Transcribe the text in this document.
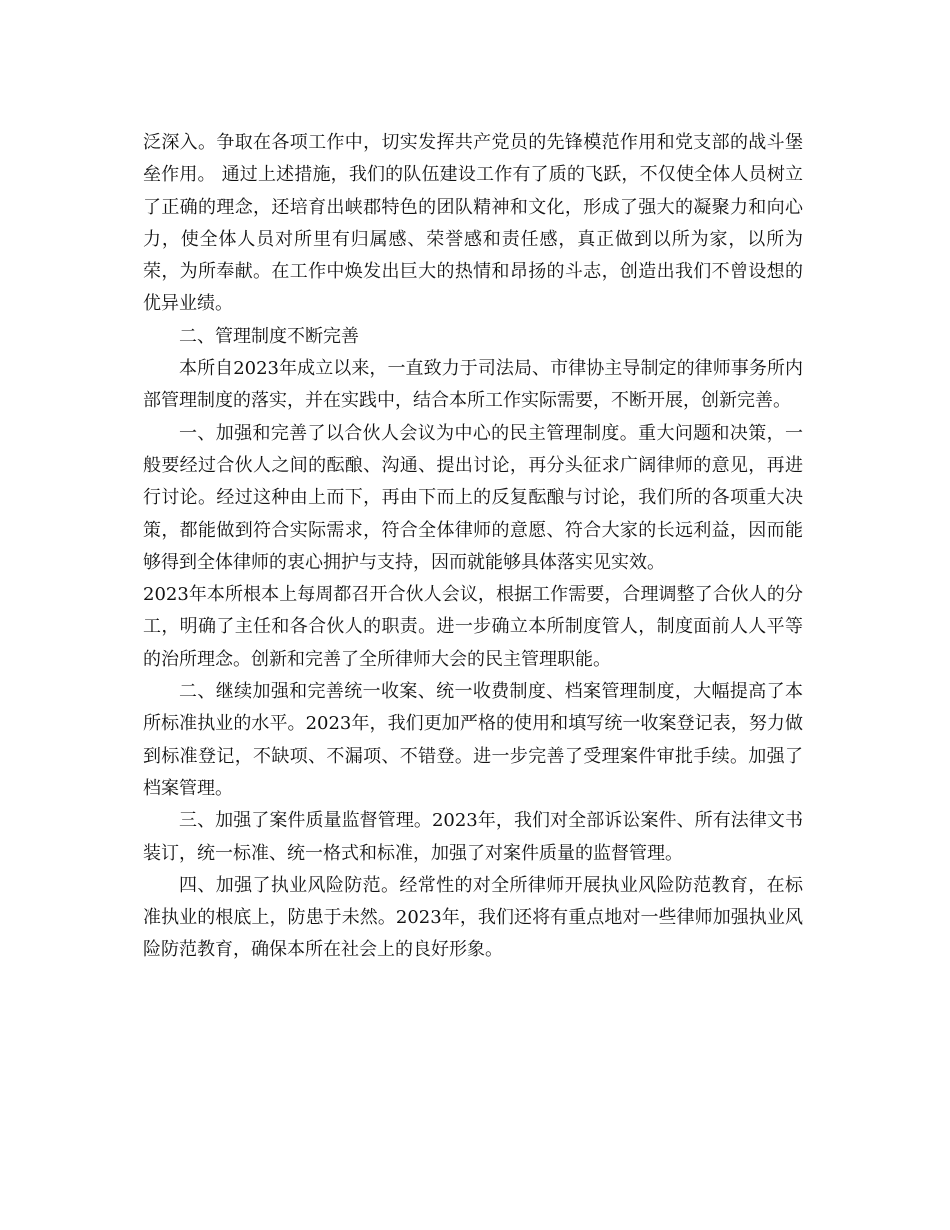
泛深入。争取在各项工作中，切实发挥共产党员的先锋模范作用和党支部的战斗堡垒作用。 通过上述措施，我们的队伍建设工作有了质的飞跃，不仅使全体人员树立了正确的理念，还培育出峡郡特色的团队精神和文化，形成了强大的凝聚力和向心力，使全体人员对所里有归属感、荣誉感和责任感，真正做到以所为家，以所为荣，为所奉献。在工作中焕发出巨大的热情和昂扬的斗志，创造出我们不曾设想的优异业绩。

二、管理制度不断完善

本所自2023年成立以来，一直致力于司法局、市律协主导制定的律师事务所内部管理制度的落实，并在实践中，结合本所工作实际需要，不断开展，创新完善。

一、加强和完善了以合伙人会议为中心的民主管理制度。重大问题和决策，一般要经过合伙人之间的酝酿、沟通、提出讨论，再分头征求广阔律师的意见，再进行讨论。经过这种由上而下，再由下而上的反复酝酿与讨论，我们所的各项重大决策，都能做到符合实际需求，符合全体律师的意愿、符合大家的长远利益，因而能够得到全体律师的衷心拥护与支持，因而就能够具体落实见实效。

2023年本所根本上每周都召开合伙人会议，根据工作需要，合理调整了合伙人的分工，明确了主任和各合伙人的职责。进一步确立本所制度管人，制度面前人人平等的治所理念。创新和完善了全所律师大会的民主管理职能。

二、继续加强和完善统一收案、统一收费制度、档案管理制度，大幅提高了本所标准执业的水平。2023年，我们更加严格的使用和填写统一收案登记表，努力做到标准登记，不缺项、不漏项、不错登。进一步完善了受理案件审批手续。加强了档案管理。

三、加强了案件质量监督管理。2023年，我们对全部诉讼案件、所有法律文书装订，统一标准、统一格式和标准，加强了对案件质量的监督管理。

四、加强了执业风险防范。经常性的对全所律师开展执业风险防范教育，在标准执业的根底上，防患于未然。2023年，我们还将有重点地对一些律师加强执业风险防范教育，确保本所在社会上的良好形象。
